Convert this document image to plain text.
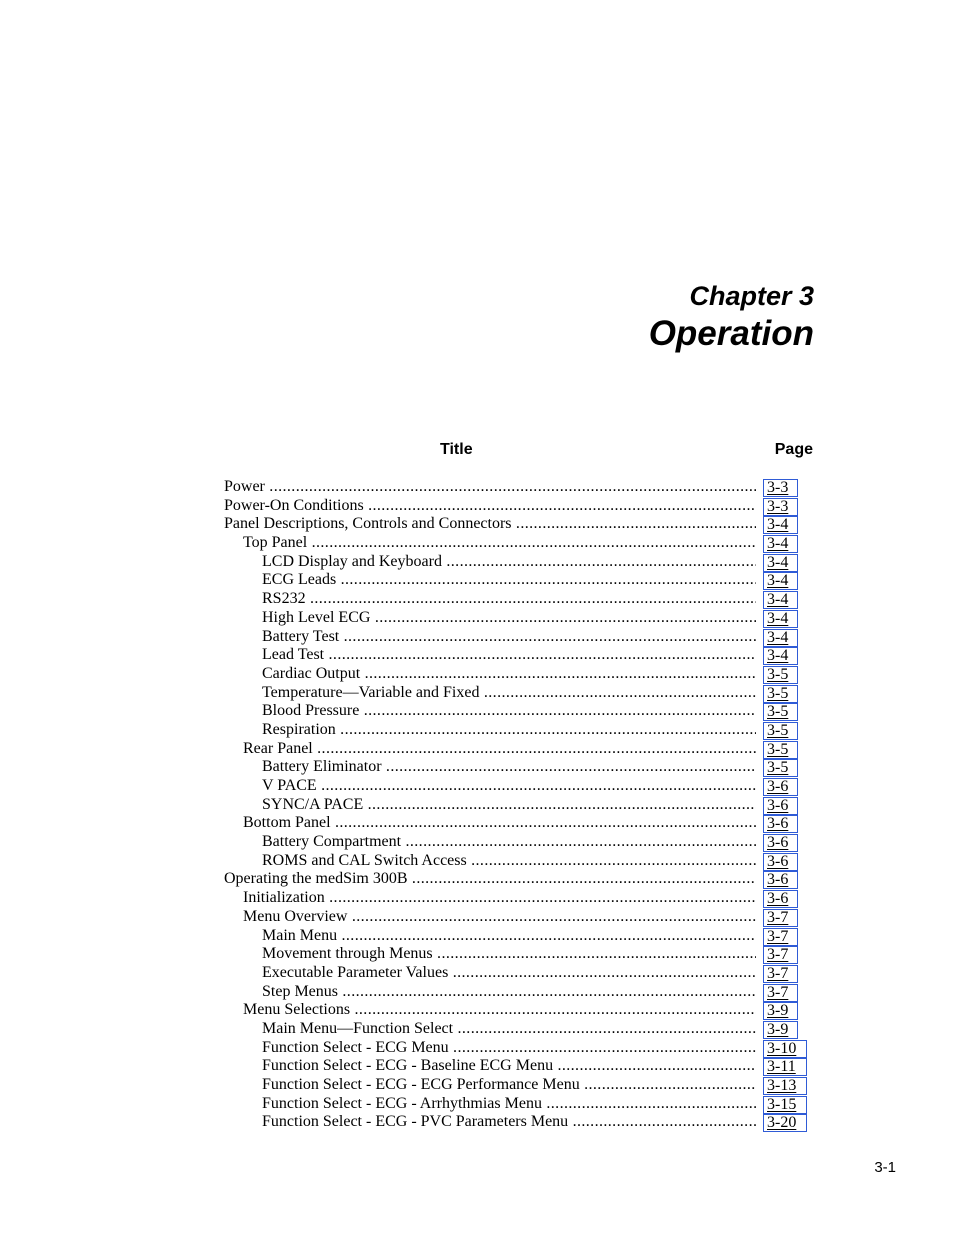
Chapter 3
Operation
Title	Page
Power .....	3-3
Power-On Conditions .....	3-3
Panel Descriptions, Controls and Connectors .....	3-4
Top Panel .....	3-4
LCD Display and Keyboard .....	3-4
ECG Leads .....	3-4
RS232 .....	3-4
High Level ECG .....	3-4
Battery Test .....	3-4
Lead Test .....	3-4
Cardiac Output .....	3-5
Temperature—Variable and Fixed .....	3-5
Blood Pressure .....	3-5
Respiration .....	3-5
Rear Panel .....	3-5
Battery Eliminator .....	3-5
V PACE .....	3-6
SYNC/A PACE .....	3-6
Bottom Panel .....	3-6
Battery Compartment .....	3-6
ROMS and CAL Switch Access .....	3-6
Operating the medSim 300B .....	3-6
Initialization .....	3-6
Menu Overview .....	3-7
Main Menu .....	3-7
Movement through Menus .....	3-7
Executable Parameter Values .....	3-7
Step Menus .....	3-7
Menu Selections .....	3-9
Main Menu—Function Select .....	3-9
Function Select - ECG Menu .....	3-10
Function Select - ECG - Baseline ECG Menu .....	3-11
Function Select - ECG - ECG Performance Menu .....	3-13
Function Select - ECG - Arrhythmias Menu .....	3-15
Function Select - ECG - PVC Parameters Menu .....	3-20
3-1
